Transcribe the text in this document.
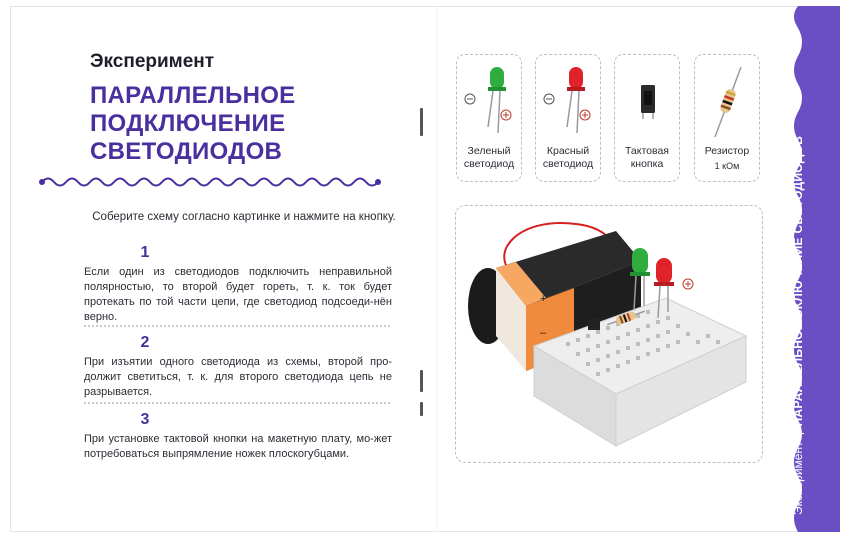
Эксперимент
ПАРАЛЛЕЛЬНОЕ
ПОДКЛЮЧЕНИЕ
СВЕТОДИОДОВ
Соберите схему согласно картинке и нажмите на кнопку.
1
Если один из светодиодов подключить неправильной полярностью, то второй будет гореть, т. к. ток будет протекать по той части цепи, где светодиод подсоеди-нён верно.
2
При изъятии одного светодиода из схемы, второй про-должит светиться, т. к. для второго светодиода цепь не разрывается.
3
При установке тактовой кнопки на макетную плату, мо-жет потребоваться выпрямление ножек плоскогубцами.
Зеленый
светодиод
Красный
светодиод
Тактовая
кнопка
Резистор
1 кОм
+
–
ЭкспериментПАРАЛЛЕЛЬНОЕ ВКЛЮЧЕНИЕ СВЕТОДИОДОВ
